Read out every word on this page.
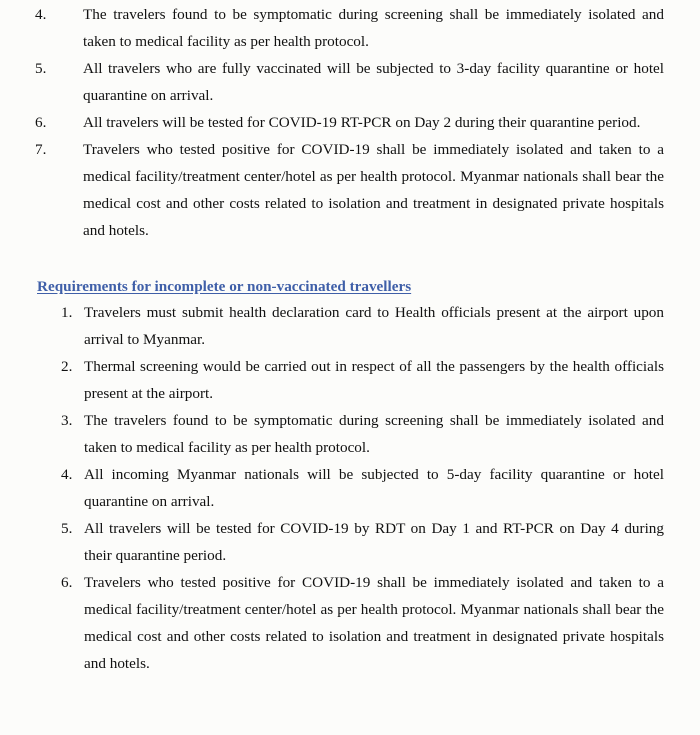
4. The travelers found to be symptomatic during screening shall be immediately isolated and taken to medical facility as per health protocol.

5. All travelers who are fully vaccinated will be subjected to 3-day facility quarantine or hotel quarantine on arrival.

6. All travelers will be tested for COVID-19 RT-PCR on Day 2 during their quarantine period.

7. Travelers who tested positive for COVID-19 shall be immediately isolated and taken to a medical facility/treatment center/hotel as per health protocol. Myanmar nationals shall bear the medical cost and other costs related to isolation and treatment in designated private hospitals and hotels.

Requirements for incomplete or non-vaccinated travellers

1. Travelers must submit health declaration card to Health officials present at the airport upon arrival to Myanmar.

2. Thermal screening would be carried out in respect of all the passengers by the health officials present at the airport.

3. The travelers found to be symptomatic during screening shall be immediately isolated and taken to medical facility as per health protocol.

4. All incoming Myanmar nationals will be subjected to 5-day facility quarantine or hotel quarantine on arrival.

5. All travelers will be tested for COVID-19 by RDT on Day 1 and RT-PCR on Day 4 during their quarantine period.

6. Travelers who tested positive for COVID-19 shall be immediately isolated and taken to a medical facility/treatment center/hotel as per health protocol. Myanmar nationals shall bear the medical cost and other costs related to isolation and treatment in designated private hospitals and hotels.
